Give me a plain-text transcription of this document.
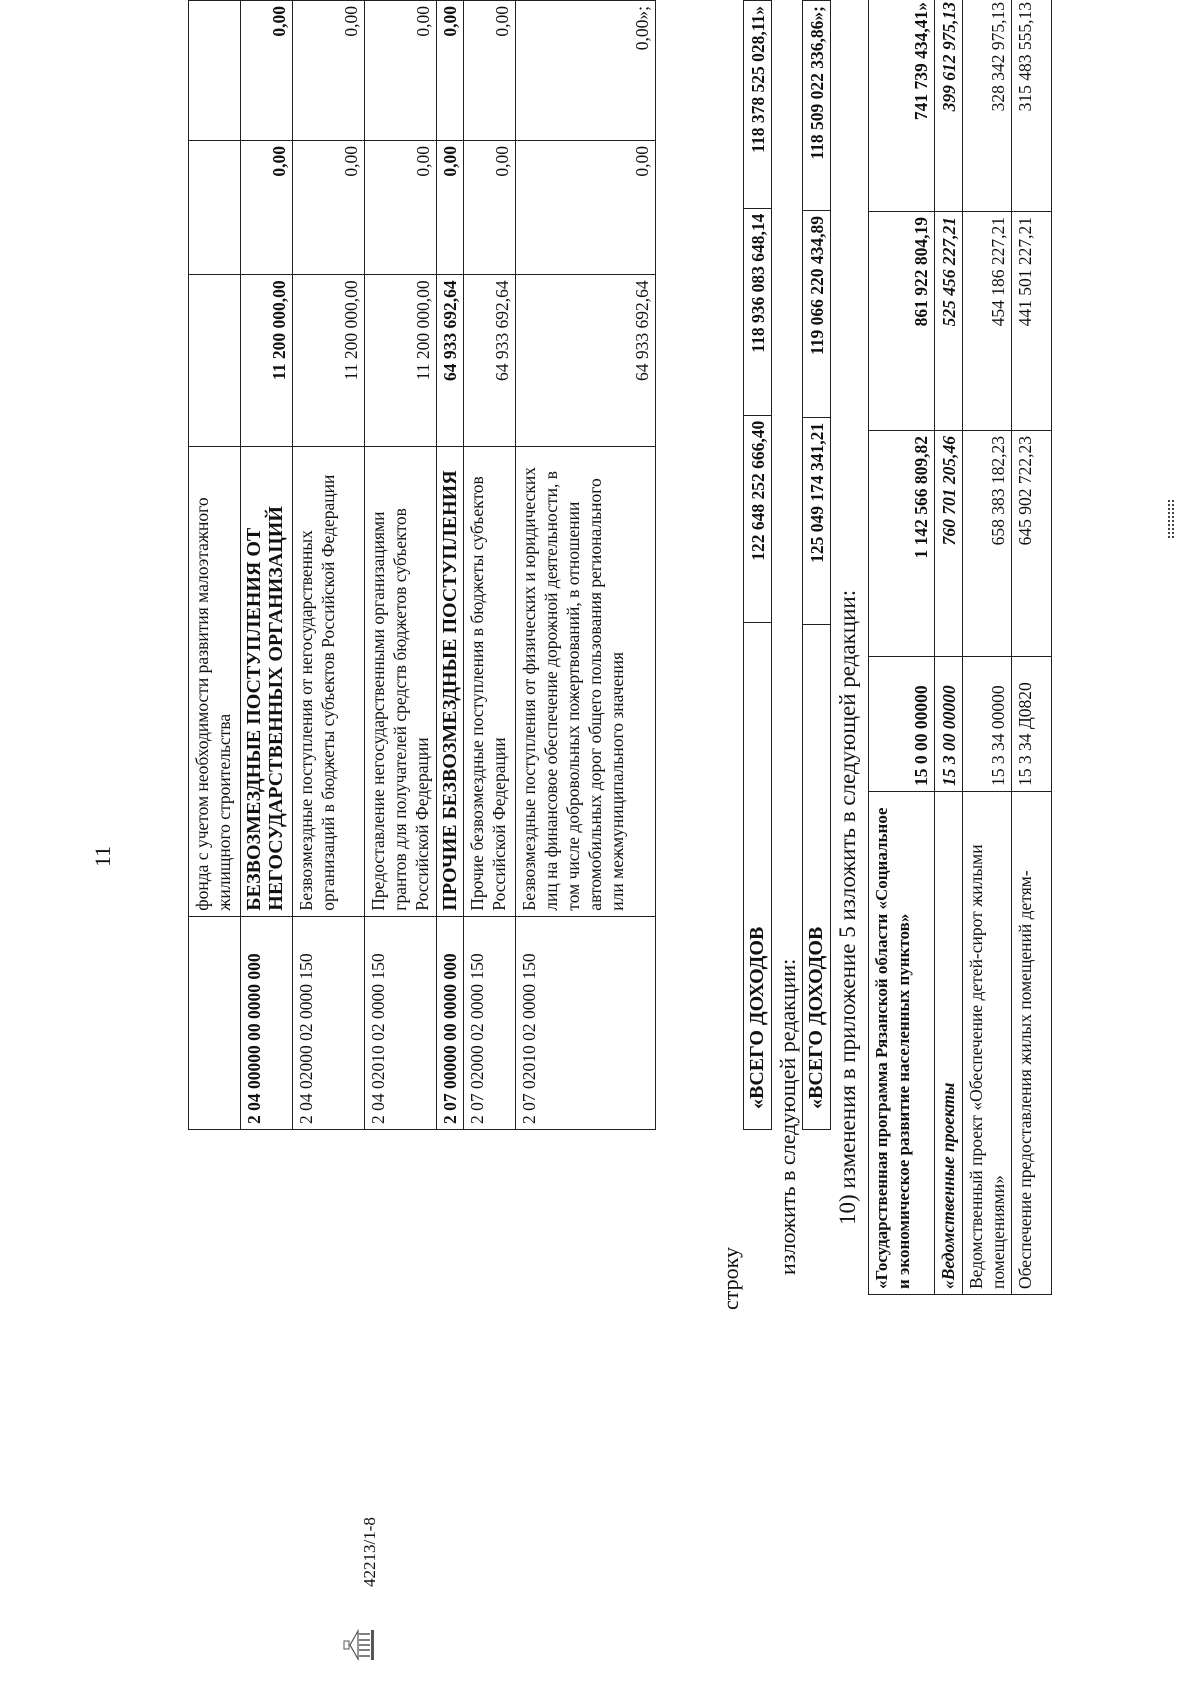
11
		фонда с учетом необходимости развития малоэтажного жилищного строительства			
2 04 00000 00 0000 000	БЕЗВОЗМЕЗДНЫЕ ПОСТУПЛЕНИЯ ОТ НЕГОСУДАРСТВЕННЫХ ОРГАНИЗАЦИЙ	11 200 000,00	0,00	0,00
2 04 02000 02 0000 150	Безвозмездные поступления от негосударственных организаций в бюджеты субъектов Российской Федерации	11 200 000,00	0,00	0,00
2 04 02010 02 0000 150	Предоставление негосударственными организациями грантов для получателей средств бюджетов субъектов Российской Федерации	11 200 000,00	0,00	0,00
2 07 00000 00 0000 000	ПРОЧИЕ БЕЗВОЗМЕЗДНЫЕ ПОСТУПЛЕНИЯ	64 933 692,64	0,00	0,00
2 07 02000 02 0000 150	Прочие безвозмездные поступления в бюджеты субъектов Российской Федерации	64 933 692,64	0,00	0,00
2 07 02010 02 0000 150	Безвозмездные поступления от физических и юридических лиц на финансовое обеспечение дорожной деятельности, в том числе добровольных пожертвований, в отношении автомобильных дорог общего пользования регионального или межмуниципального значения	64 933 692,64	0,00	0,00»;
строку
«ВСЕГО ДОХОДОВ	122 648 252 666,40	118 936 083 648,14	118 378 525 028,11»
изложить в следующей редакции: «ВСЕГО ДОХОДОВ	125 049 174 341,21	119 066 220 434,89	118 509 022 336,86»;
10) изменения в приложение 5 изложить в следующей редакции: «Государственная программа Рязанской области «Социальное и экономическое развитие населенных пунктов»	15 0 00 00000	1 142 566 809,82	861 922 804,19	741 739 434,41»
«Ведомственные проекты	15 3 00 00000	760 701 205,46	525 456 227,21	399 612 975,13
Ведомственный проект «Обеспечение детей-сирот жилыми помещениями»	15 3 34 00000	658 383 182,23	454 186 227,21	328 342 975,13
Обеспечение предоставления жилых помещений детям-	15 3 34 Д0820	645 902 722,23	441 501 227,21	315 483 555,13
42213/1-8
